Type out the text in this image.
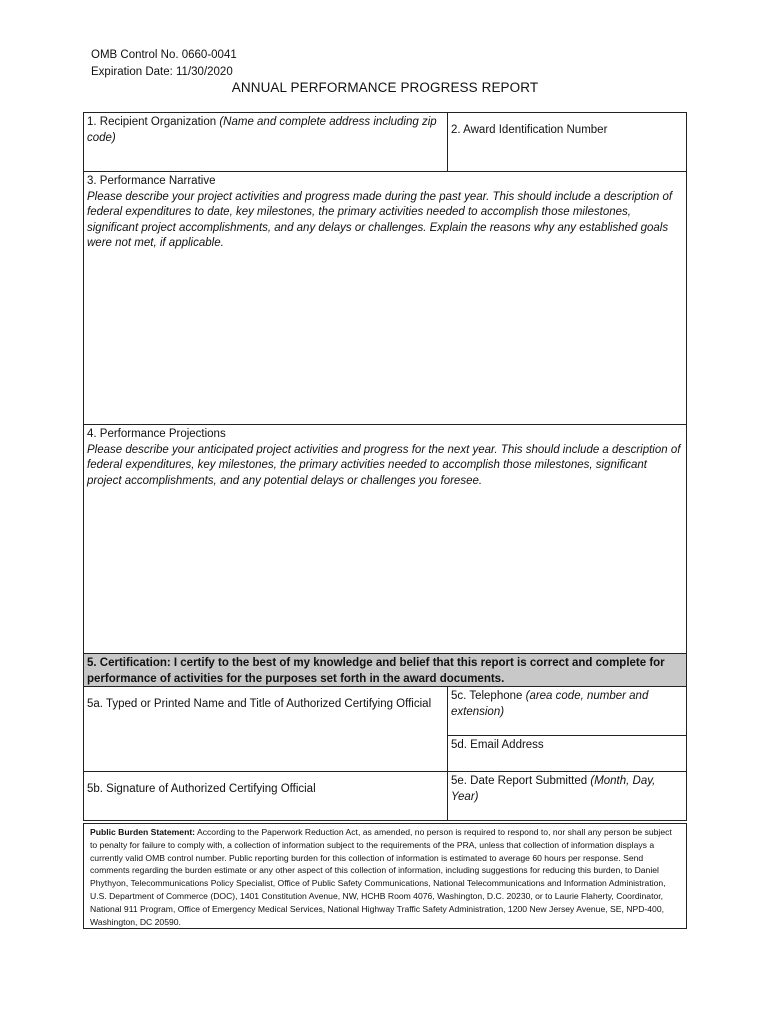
OMB Control No. 0660-0041
Expiration Date: 11/30/2020
ANNUAL PERFORMANCE PROGRESS REPORT
1. Recipient Organization (Name and complete address including zip code)
2. Award Identification Number
3. Performance Narrative
Please describe your project activities and progress made during the past year. This should include a description of federal expenditures to date, key milestones, the primary activities needed to accomplish those milestones, significant project accomplishments, and any delays or challenges. Explain the reasons why any established goals were not met, if applicable.
4. Performance Projections
Please describe your anticipated project activities and progress for the next year. This should include a description of federal expenditures, key milestones, the primary activities needed to accomplish those milestones, significant project accomplishments, and any potential delays or challenges you foresee.
5. Certification: I certify to the best of my knowledge and belief that this report is correct and complete for performance of activities for the purposes set forth in the award documents.
5a. Typed or Printed Name and Title of Authorized Certifying Official
5c. Telephone (area code, number and extension)
5d. Email Address
5b. Signature of Authorized Certifying Official
5e. Date Report Submitted (Month, Day, Year)
Public Burden Statement: According to the Paperwork Reduction Act, as amended, no person is required to respond to, nor shall any person be subject to penalty for failure to comply with, a collection of information subject to the requirements of the PRA, unless that collection of information displays a currently valid OMB control number. Public reporting burden for this collection of information is estimated to average 60 hours per response. Send comments regarding the burden estimate or any other aspect of this collection of information, including suggestions for reducing this burden, to Daniel Phythyon, Telecommunications Policy Specialist, Office of Public Safety Communications, National Telecommunications and Information Administration, U.S. Department of Commerce (DOC), 1401 Constitution Avenue, NW, HCHB Room 4076, Washington, D.C. 20230, or to Laurie Flaherty, Coordinator, National 911 Program, Office of Emergency Medical Services, National Highway Traffic Safety Administration, 1200 New Jersey Avenue, SE, NPD-400, Washington, DC 20590.
